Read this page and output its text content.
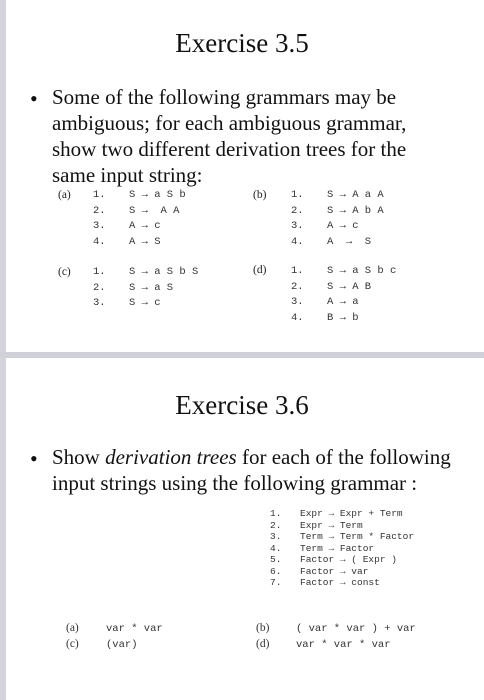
Exercise 3.5
• Some of the following grammars may be
ambiguous; for each ambiguous grammar,
show two different derivation trees for the
same input string:
(a) 1. S → a S b
2. S →  A A
3. A → c
4. A → S
(b) 1. S → A a A
2. S → A b A
3. A → c
4. A  →  S
(c) 1. S → a S b S
2. S → a S
3. S → c
(d) 1. S → a S b c
2. S → A B
3. A → a
4. B → b
Exercise 3.6
• Show derivation trees for each of the following
input strings using the following grammar :
1. Expr → Expr + Term
2. Expr → Term
3. Term → Term * Factor
4. Term → Factor
5. Factor → ( Expr )
6. Factor → var
7. Factor → const
(a)	var * var
(c)	(var)
(b)	( var * var ) + var
(d)	var * var * var
